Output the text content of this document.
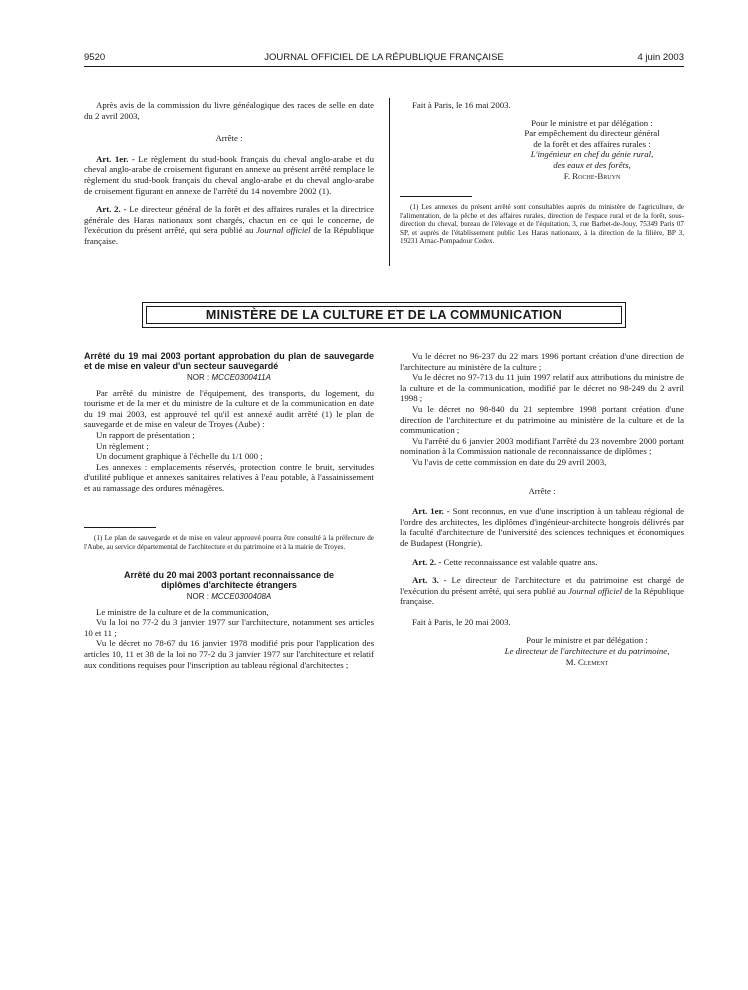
9520	JOURNAL OFFICIEL DE LA RÉPUBLIQUE FRANÇAISE	4 juin 2003

Après avis de la commission du livre généalogique des races de selle en date du 2 avril 2003,

Arrête :

Art. 1er. - Le règlement du stud-book français du cheval anglo-arabe et du cheval anglo-arabe de croisement figurant en annexe au présent arrêté remplace le règlement du stud-book français du cheval anglo-arabe et du cheval anglo-arabe de croisement figurant en annexe de l'arrêté du 14 novembre 2002 (1).

Art. 2. - Le directeur général de la forêt et des affaires rurales et la directrice générale des Haras nationaux sont chargés, chacun en ce qui le concerne, de l'exécution du présent arrêté, qui sera publié au Journal officiel de la République française.

Fait à Paris, le 16 mai 2003.

Pour le ministre et par délégation :
Par empêchement du directeur général
de la forêt et des affaires rurales :
L'ingénieur en chef du génie rural,
des eaux et des forêts,
F. Roche-Bruyn

(1) Les annexes du présent arrêté sont consultables auprès du ministère de l'agriculture, de l'alimentation, de la pêche et des affaires rurales, direction de l'espace rural et de la forêt, sous-direction du cheval, bureau de l'élevage et de l'équitation, 3, rue Barbet-de-Jouy, 75349 Paris 07 SP, et auprès de l'établissement public Les Haras nationaux, à la direction de la filière, BP 3, 19231 Arnac-Pompadour Cedex.

MINISTÈRE DE LA CULTURE ET DE LA COMMUNICATION
Arrêté du 19 mai 2003 portant approbation du plan de sauvegarde et de mise en valeur d'un secteur sauvegardé
NOR : MCCE0300411A

Par arrêté du ministre de l'équipement, des transports, du logement, du tourisme et de la mer et du ministre de la culture et de la communication en date du 19 mai 2003, est approuvé tel qu'il est annexé audit arrêté (1) le plan de sauvegarde et de mise en valeur de Troyes (Aube) :

Un rapport de présentation ;

Un règlement ;

Un document graphique à l'échelle du 1/1 000 ;

Les annexes : emplacements réservés, protection contre le bruit, servitudes d'utilité publique et annexes sanitaires relatives à l'eau potable, à l'assainissement et au ramassage des ordures ménagères.

(1) Le plan de sauvegarde et de mise en valeur approuvé pourra être consulté à la préfecture de l'Aube, au service départemental de l'architecture et du patrimoine et à la mairie de Troyes.

Arrêté du 20 mai 2003 portant reconnaissance de diplômes d'architecte étrangers
NOR : MCCE0300408A

Le ministre de la culture et de la communication,

Vu la loi no 77-2 du 3 janvier 1977 sur l'architecture, notamment ses articles 10 et 11 ;

Vu le décret no 78-67 du 16 janvier 1978 modifié pris pour l'application des articles 10, 11 et 38 de la loi no 77-2 du 3 janvier 1977 sur l'architecture et relatif aux conditions requises pour l'inscription au tableau régional d'architectes ;

Vu le décret no 96-237 du 22 mars 1996 portant création d'une direction de l'architecture au ministère de la culture ;

Vu le décret no 97-713 du 11 juin 1997 relatif aux attributions du ministre de la culture et de la communication, modifié par le décret no 98-249 du 2 avril 1998 ;

Vu le décret no 98-840 du 21 septembre 1998 portant création d'une direction de l'architecture et du patrimoine au ministère de la culture et de la communication ;

Vu l'arrêté du 6 janvier 2003 modifiant l'arrêté du 23 novembre 2000 portant nomination à la Commission nationale de reconnaissance de diplômes ;

Vu l'avis de cette commission en date du 29 avril 2003,

Arrête :

Art. 1er. - Sont reconnus, en vue d'une inscription à un tableau régional de l'ordre des architectes, les diplômes d'ingénieur-architecte hongrois délivrés par la faculté d'architecture de l'université des sciences techniques et économiques de Budapest (Hongrie).

Art. 2. - Cette reconnaissance est valable quatre ans.

Art. 3. - Le directeur de l'architecture et du patrimoine est chargé de l'exécution du présent arrêté, qui sera publié au Journal officiel de la République française.

Fait à Paris, le 20 mai 2003.

Pour le ministre et par délégation :
Le directeur de l'architecture et du patrimoine,
M. Clement
